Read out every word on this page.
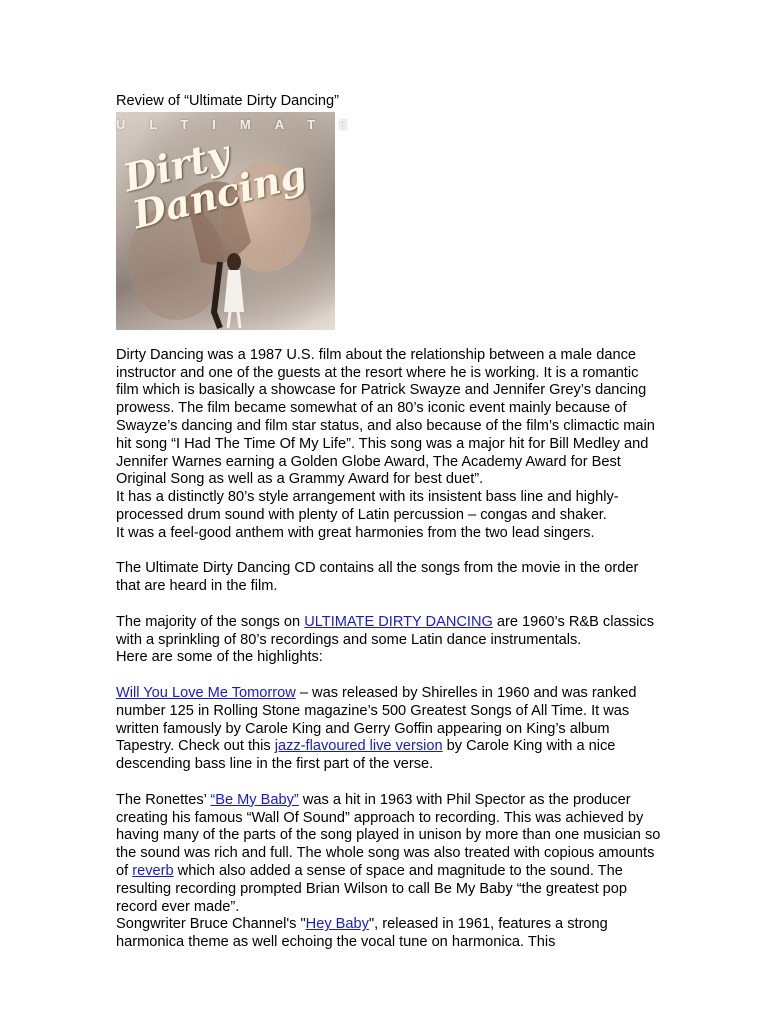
Review of “Ultimate Dirty Dancing”

ULTIMATE
Dirty Dancing

Dirty Dancing was a 1987 U.S. film about the relationship between a male dance instructor and one of the guests at the resort where he is working. It is a romantic film which is basically a showcase for Patrick Swayze and Jennifer Grey’s dancing prowess. The film became somewhat of an 80’s iconic event mainly because of Swayze’s dancing and film star status, and also because of the film’s climactic main hit song “I Had The Time Of My Life”. This song was a major hit for Bill Medley and Jennifer Warnes earning a Golden Globe Award, The Academy Award for Best Original Song as well as a Grammy Award for best duet”.

It has a distinctly 80’s style arrangement with its insistent bass line and highly-processed drum sound with plenty of Latin percussion – congas and shaker.

It was a feel-good anthem with great harmonies from the two lead singers.

The Ultimate Dirty Dancing CD contains all the songs from the movie in the order that are heard in the film.

The majority of the songs on ULTIMATE DIRTY DANCING are 1960’s R&B classics with a sprinkling of 80’s recordings and some Latin dance instrumentals.

Here are some of the highlights:

Will You Love Me Tomorrow – was released by Shirelles in 1960 and was ranked number 125 in Rolling Stone magazine’s 500 Greatest Songs of All Time. It was written famously by Carole King and Gerry Goffin appearing on King’s album Tapestry. Check out this jazz-flavoured live version by Carole King with a nice descending bass line in the first part of the verse.

The Ronettes’ “Be My Baby” was a hit in 1963 with Phil Spector as the producer creating his famous “Wall Of Sound” approach to recording. This was achieved by having many of the parts of the song played in unison by more than one musician so the sound was rich and full. The whole song was also treated with copious amounts of reverb which also added a sense of space and magnitude to the sound. The resulting recording prompted Brian Wilson to call Be My Baby “the greatest pop record ever made”.

Songwriter Bruce Channel's "Hey Baby", released in 1961, features a strong harmonica theme as well echoing the vocal tune on harmonica. This
